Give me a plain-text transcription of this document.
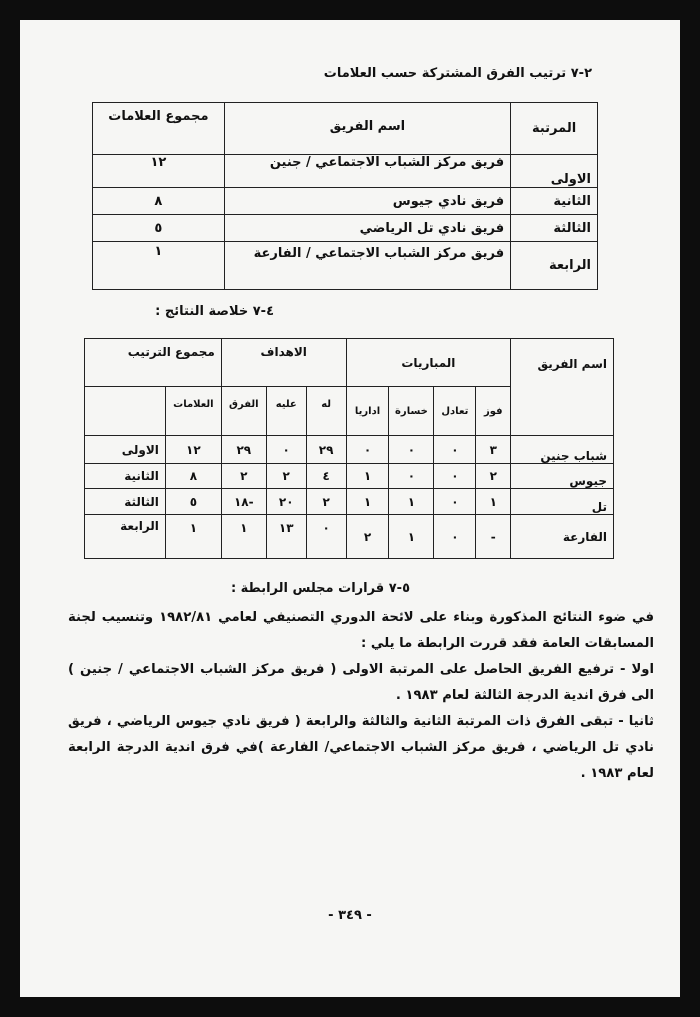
٢-٧ ترتيب الفرق المشتركة حسب العلامات
المرتبة	اسم الفريق	مجموع العلامات
الاولى	فريق مركز الشباب الاجتماعي / جنين	١٢
الثانية	فريق نادي جيوس	٨
الثالثة	فريق نادي تل الرياضي	٥
الرابعة	فريق مركز الشباب الاجتماعي / الفارعة	١
٤-٧ خلاصة النتائج :
اسم الفريق	المباريات				الاهداف			مجموع الترتيب	
	فوز	تعادل	خسارة	اداريا	له	عليه	الفرق	العلامات	
شباب جنين	٣	٠	٠	٠	٢٩	٠	٢٩	١٢	الاولى
جيوس	٢	٠	٠	١	٤	٢	٢	٨	الثانية
تل	١	٠	١	١	٢	٢٠	-١٨	٥	الثالثة
الفارعة	-	٠	١	٢	٠	١٣	١	١	الرابعة
٥-٧ قرارات مجلس الرابطة :

في ضوء النتائج المذكورة وبناء على لائحة الدوري التصنيفي لعامي ١٩٨٢/٨١ وتنسيب لجنة المسابقات العامة فقد قررت الرابطة ما يلي :

اولا - ترفيع الفريق الحاصل على المرتبة الاولى ( فريق مركز الشباب الاجتماعي / جنين ) الى فرق اندية الدرجة الثالثة لعام ١٩٨٣ .

ثانيا - تبقى الفرق ذات المرتبة الثانية والثالثة والرابعة ( فريق نادي جيوس الرياضي ، فريق نادي تل الرياضي ، فريق مركز الشباب الاجتماعي/ الفارعة )في فرق اندية الدرجة الرابعة لعام ١٩٨٣ .

- ٣٤٩ -
